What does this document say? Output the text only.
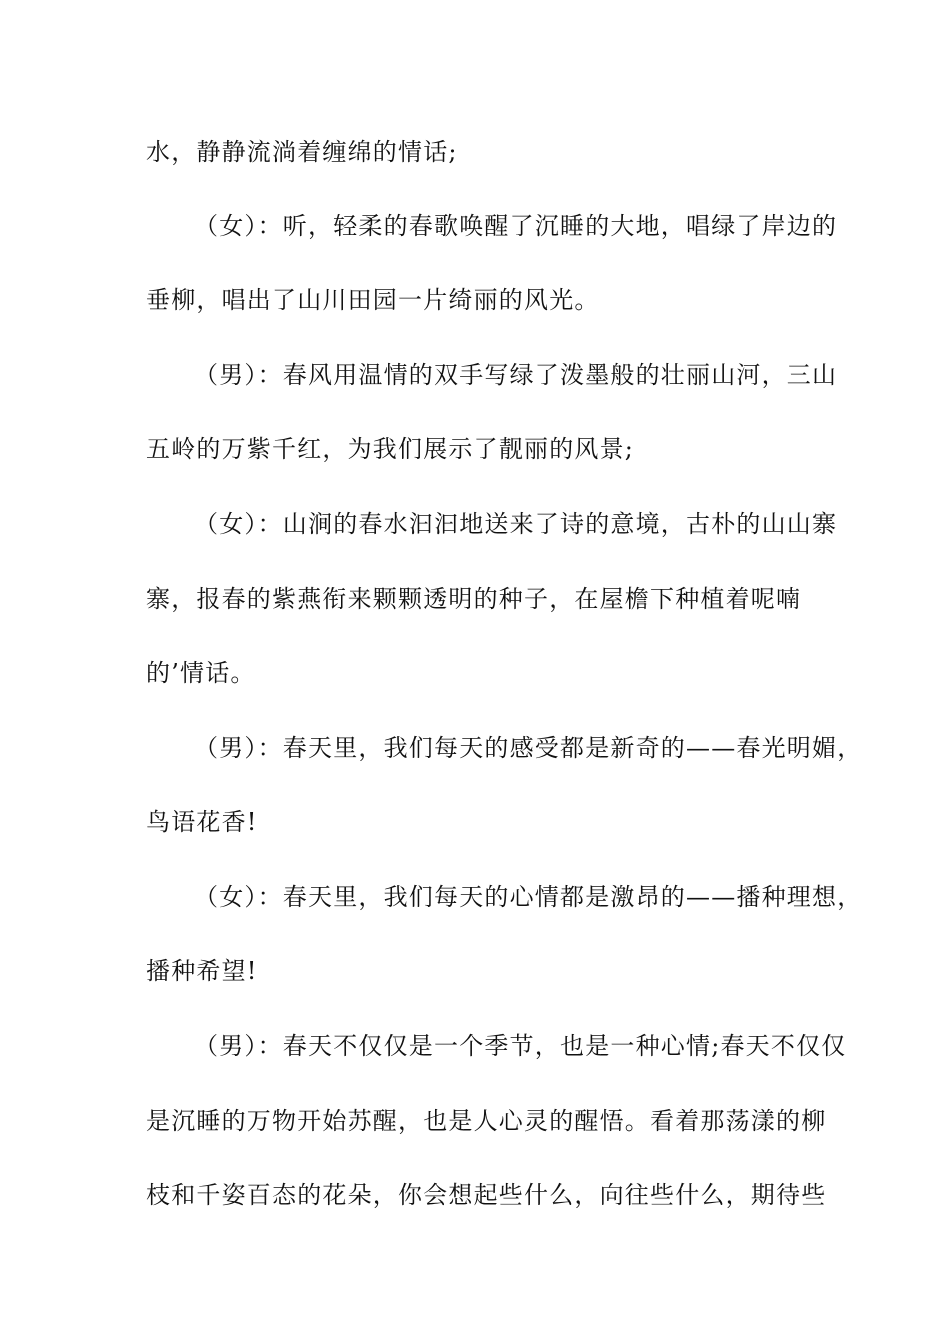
水，静静流淌着缠绵的情话;
（女）：听，轻柔的春歌唤醒了沉睡的大地，唱绿了岸边的
垂柳，唱出了山川田园一片绮丽的风光。
（男）：春风用温情的双手写绿了泼墨般的壮丽山河，三山
五岭的万紫千红，为我们展示了靓丽的风景;
（女）：山涧的春水汩汩地送来了诗的意境，古朴的山山寨
寨，报春的紫燕衔来颗颗透明的种子，在屋檐下种植着呢喃
的’情话。
（男）：春天里，我们每天的感受都是新奇的——春光明媚，
鸟语花香!
（女）：春天里，我们每天的心情都是激昂的——播种理想，
播种希望!
（男）：春天不仅仅是一个季节，也是一种心情;春天不仅仅
是沉睡的万物开始苏醒，也是人心灵的醒悟。看着那荡漾的柳
枝和千姿百态的花朵，你会想起些什么，向往些什么，期待些
